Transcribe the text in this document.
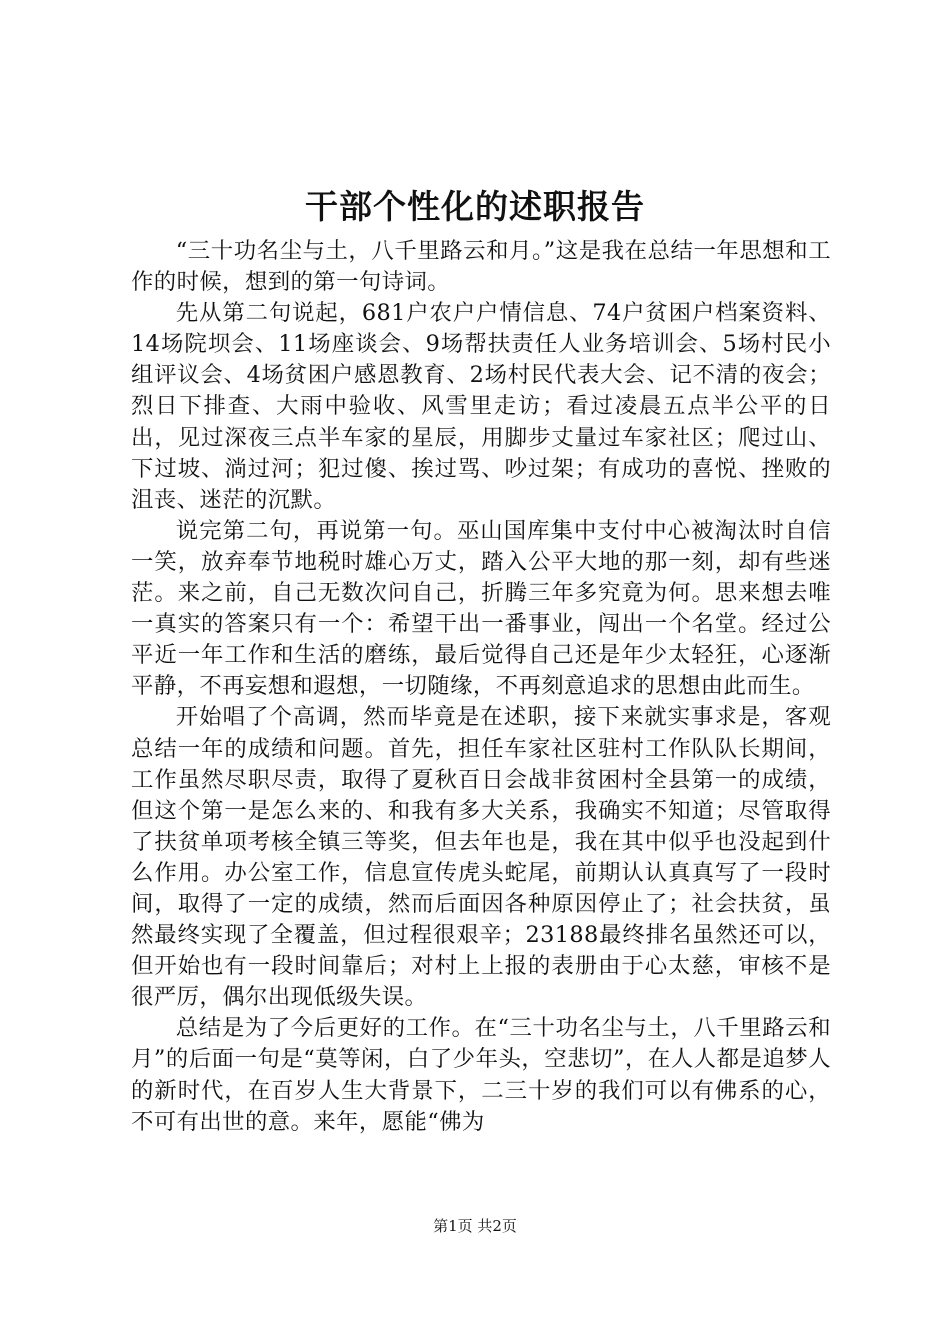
干部个性化的述职报告

“三十功名尘与土，八千里路云和月。”这是我在总结一年思想和工作的时候，想到的第一句诗词。

先从第二句说起，681户农户户情信息、74户贫困户档案资料、14场院坝会、11场座谈会、9场帮扶责任人业务培训会、5场村民小组评议会、4场贫困户感恩教育、2场村民代表大会、记不清的夜会；烈日下排查、大雨中验收、风雪里走访；看过凌晨五点半公平的日出，见过深夜三点半车家的星辰，用脚步丈量过车家社区；爬过山、下过坡、淌过河；犯过傻、挨过骂、吵过架；有成功的喜悦、挫败的沮丧、迷茫的沉默。

说完第二句，再说第一句。巫山国库集中支付中心被淘汰时自信一笑，放弃奉节地税时雄心万丈，踏入公平大地的那一刻，却有些迷茫。来之前，自己无数次问自己，折腾三年多究竟为何。思来想去唯一真实的答案只有一个：希望干出一番事业，闯出一个名堂。经过公平近一年工作和生活的磨练，最后觉得自己还是年少太轻狂，心逐渐平静，不再妄想和遐想，一切随缘，不再刻意追求的思想由此而生。

开始唱了个高调，然而毕竟是在述职，接下来就实事求是，客观总结一年的成绩和问题。首先，担任车家社区驻村工作队队长期间，工作虽然尽职尽责，取得了夏秋百日会战非贫困村全县第一的成绩，但这个第一是怎么来的、和我有多大关系，我确实不知道；尽管取得了扶贫单项考核全镇三等奖，但去年也是，我在其中似乎也没起到什么作用。办公室工作，信息宣传虎头蛇尾，前期认认真真写了一段时间，取得了一定的成绩，然而后面因各种原因停止了；社会扶贫，虽然最终实现了全覆盖，但过程很艰辛；23188最终排名虽然还可以，但开始也有一段时间靠后；对村上上报的表册由于心太慈，审核不是很严厉，偶尔出现低级失误。

总结是为了今后更好的工作。在“三十功名尘与土，八千里路云和月”的后面一句是“莫等闲，白了少年头，空悲切”，在人人都是追梦人的新时代，在百岁人生大背景下，二三十岁的我们可以有佛系的心，不可有出世的意。来年，愿能“佛为

第1页 共2页
